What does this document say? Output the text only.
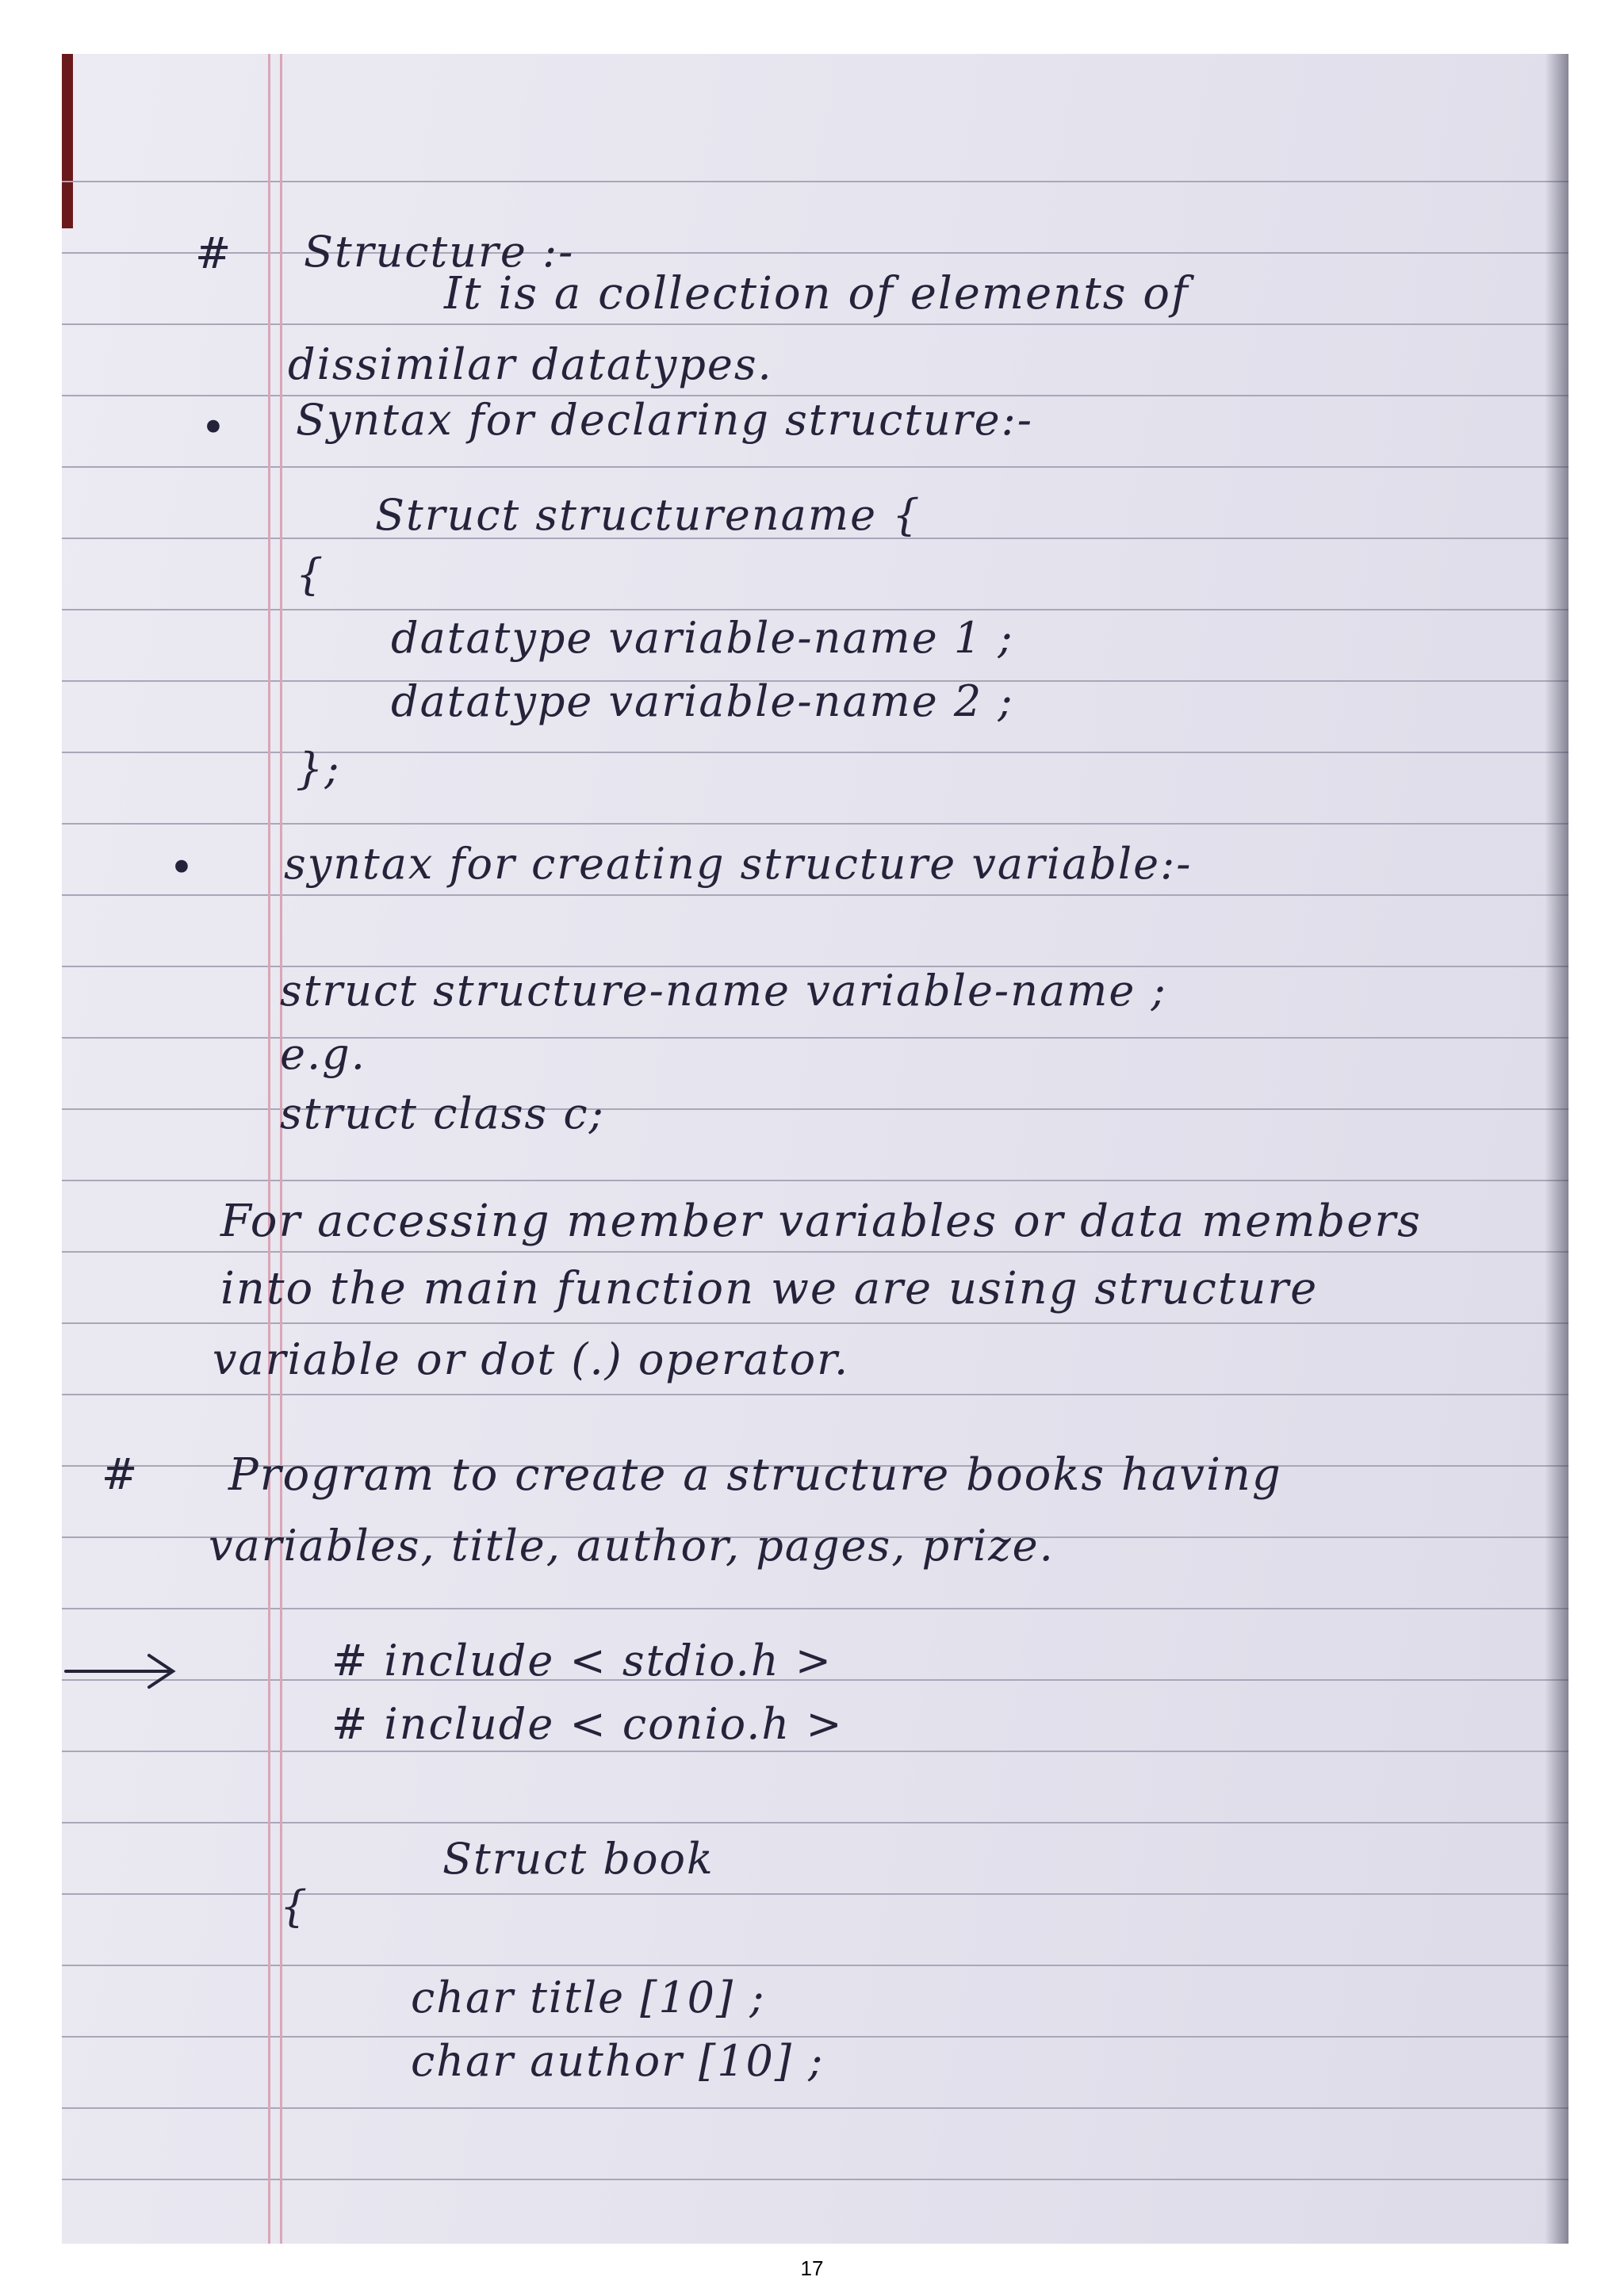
# Structure :-
It is a collection of elements of
dissimilar datatypes.
• Syntax for declaring structure:-
Struct structurename {
{
datatype variable-name 1 ;
datatype variable-name 2 ;
};
• syntax for creating structure variable:-
struct structure-name variable-name ;
e.g.
struct class c;
For accessing member variables or data members
into the main function we are using structure
variable or dot (.) operator.
# Program to create a structure books having
variables, title, author, pages, prize.
# include < stdio.h >
# include < conio.h >
Struct book
{
char title [10] ;
char author [10] ;
17
